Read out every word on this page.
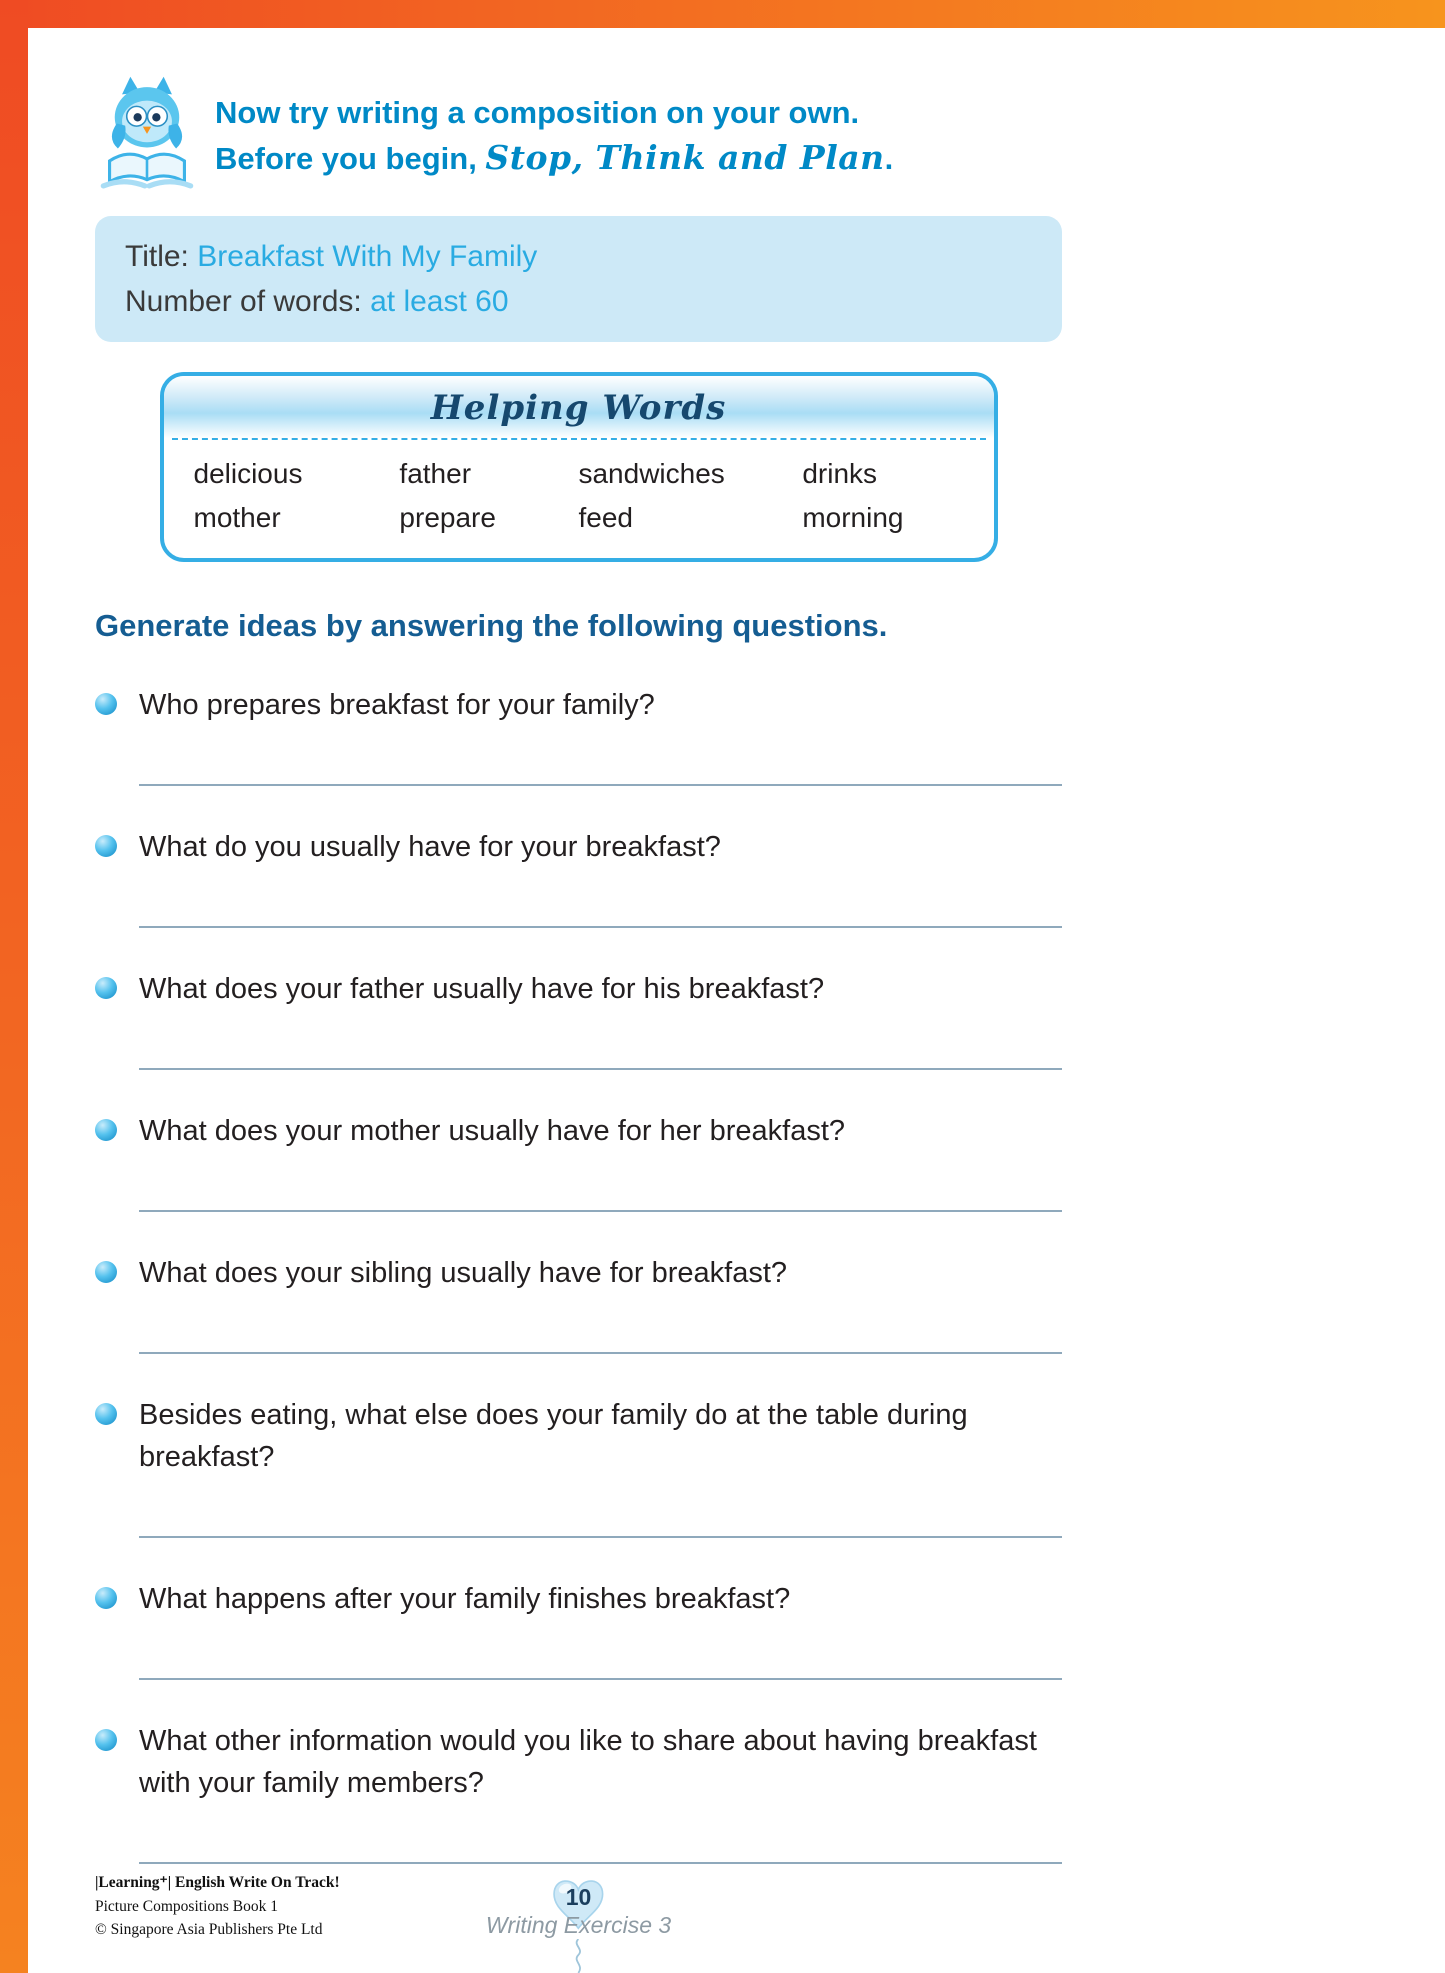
Now try writing a composition on your own.
Before you begin, Stop, Think and Plan.
Title: Breakfast With My Family
Number of words: at least 60
Helping Words
delicious	father	sandwiches	drinks
mother	prepare	feed	morning
Generate ideas by answering the following questions.

Who prepares breakfast for your family?

What do you usually have for your breakfast?

What does your father usually have for his breakfast?

What does your mother usually have for her breakfast?

What does your sibling usually have for breakfast?

Besides eating, what else does your family do at the table during breakfast?

What happens after your family finishes breakfast?

What other information would you like to share about having breakfast with your family members?

|Learning⁺| English Write On Track!
Picture Compositions Book 1
© Singapore Asia Publishers Pte Ltd
10
Writing Exercise 3
